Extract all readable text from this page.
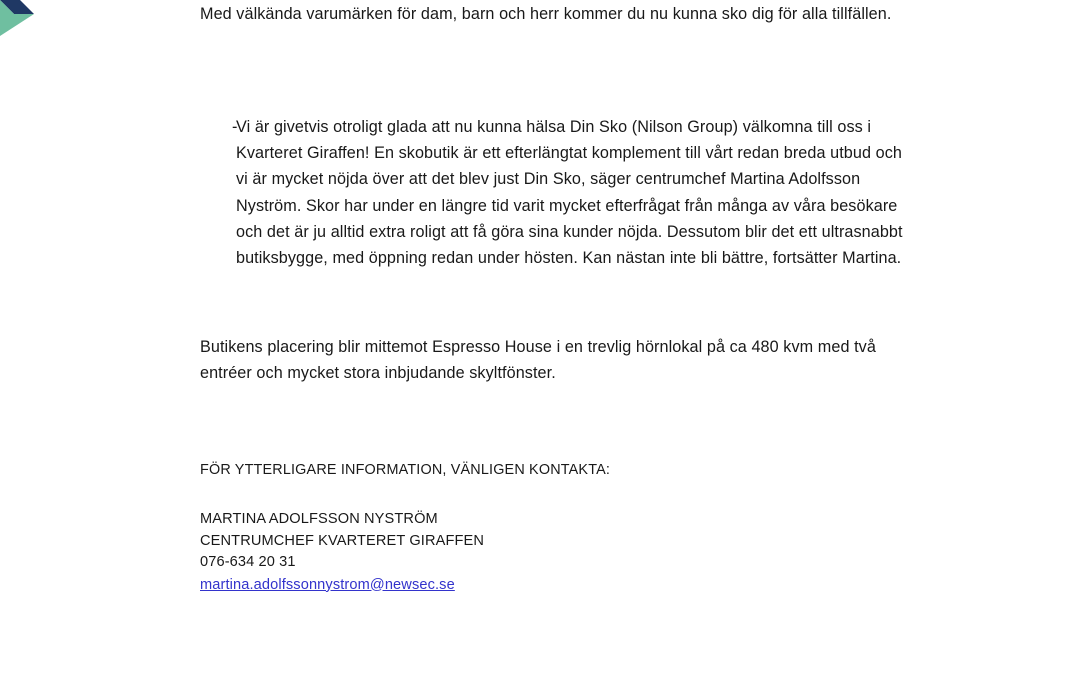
Med välkända varumärken för dam, barn och herr kommer du nu kunna sko dig för alla tillfällen.
-
Vi är givetvis otroligt glada att nu kunna hälsa Din Sko (Nilson Group) välkomna till oss i Kvarteret Giraffen! En skobutik är ett efterlängtat komplement till vårt redan breda utbud och vi är mycket nöjda över att det blev just Din Sko, säger centrumchef Martina Adolfsson Nyström. Skor har under en längre tid varit mycket efterfrågat från många av våra besökare och det är ju alltid extra roligt att få göra sina kunder nöjda. Dessutom blir det ett ultrasnabbt butiksbygge, med öppning redan under hösten. Kan nästan inte bli bättre, fortsätter Martina.
Butikens placering blir mittemot Espresso House i en trevlig hörnlokal på ca 480 kvm med två entréer och mycket stora inbjudande skyltfönster.

FÖR YTTERLIGARE INFORMATION, VÄNLIGEN KONTAKTA:

MARTINA ADOLFSSON NYSTRÖM

CENTRUMCHEF KVARTERET GIRAFFEN

076-634 20 31

martina.adolfssonnystrom@newsec.se
